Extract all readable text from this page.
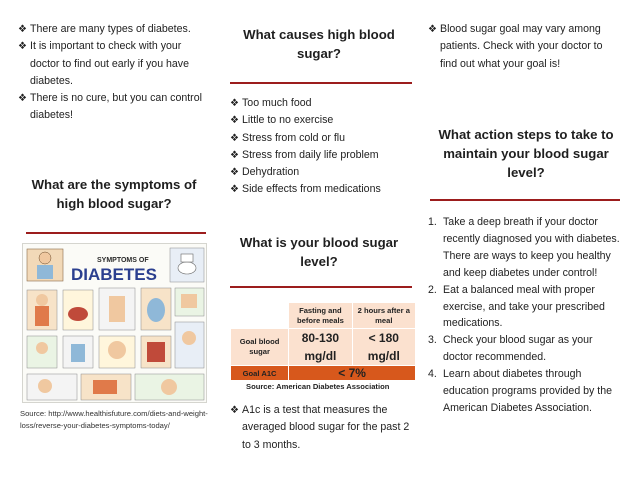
❖ There are many types of diabetes.
❖ It is important to check with your doctor to find out early if you have diabetes.
❖ There is no cure, but you can control diabetes!
What are the symptoms of high blood sugar?
SYMPTOMS OF
DIABETES
Source: http://www.healthisfuture.com/diets-and-weight-loss/reverse-your-diabetes-symptoms-today/
What causes high blood sugar?
❖ Too much food
❖ Little to no exercise
❖ Stress from cold or flu
❖ Stress from daily life problem
❖ Dehydration
❖ Side effects from medications
What is your blood sugar level?
	Fasting and before meals	2 hours after a meal
Goal blood sugar	80-130 mg/dl	< 180 mg/dl
Goal A1C	< 7%	
Source: American Diabetes Association
❖ A1c is a test that measures the averaged blood sugar for the past 2 to 3 months.
❖ Blood sugar goal may vary among patients. Check with your doctor to find out what your goal is!
What action steps to take to maintain your blood sugar level?
1. Take a deep breath if your doctor recently diagnosed you with diabetes. There are ways to keep you healthy and keep diabetes under control!
2. Eat a balanced meal with proper exercise, and take your prescribed medications.
3. Check your blood sugar as your doctor recommended.
4. Learn about diabetes through education programs provided by the American Diabetes Association.
